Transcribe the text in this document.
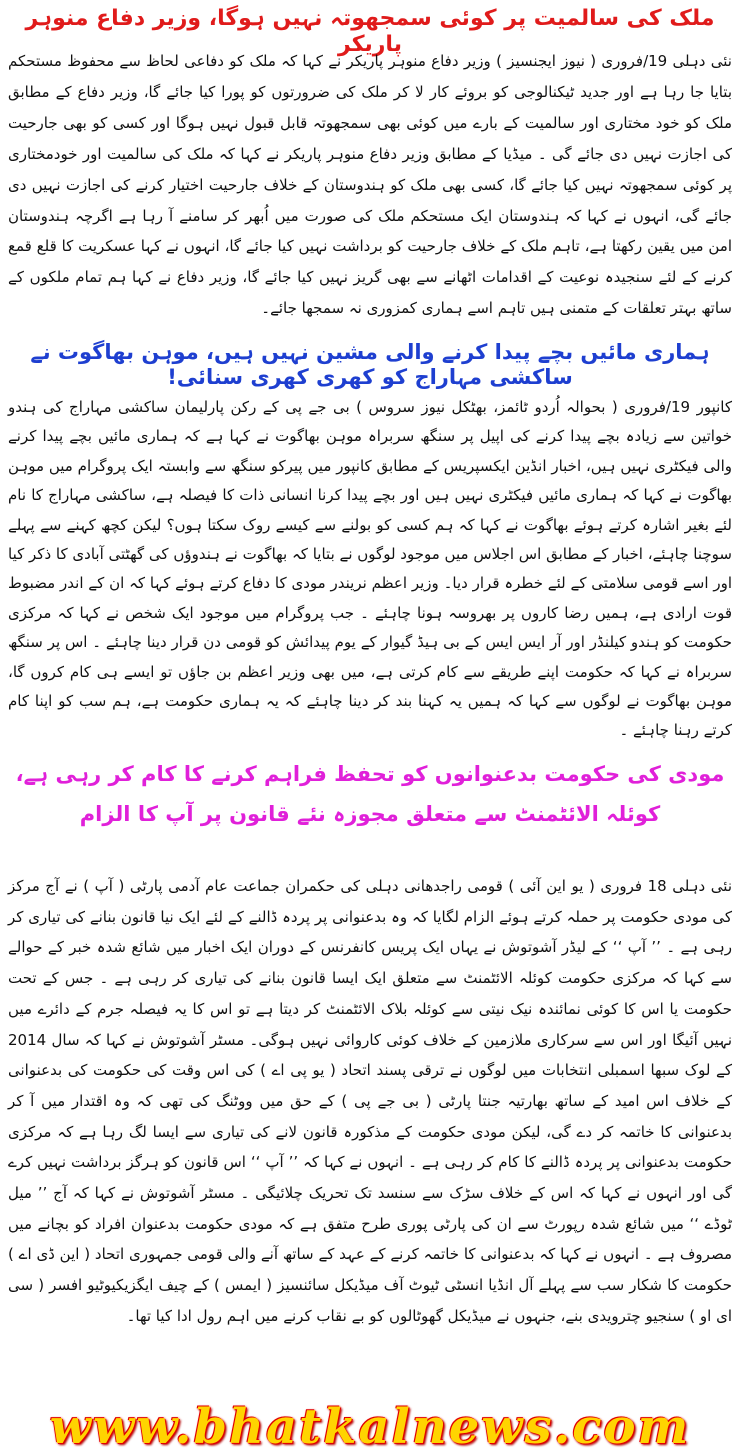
ملک کی سالمیت پر کوئی سمجھوتہ نہیں ہوگا، وزیر دفاع منوہر پاریکر

نئی دہلی 19/فروری ( نیوز ایجنسیز ) وزیر دفاع منوہر پاریکر نے کہا کہ ملک کو دفاعی لحاظ سے محفوظ مستحکم بتایا جا رہا ہے اور جدید ٹیکنالوجی کو بروئے کار لا کر ملک کی ضرورتوں کو پورا کیا جائے گا، وزیر دفاع کے مطابق ملک کو خود مختاری اور سالمیت کے بارے میں کوئی بھی سمجھوتہ قابل قبول نہیں ہوگا اور کسی کو بھی جارحیت کی اجازت نہیں دی جائے گی ۔ میڈیا کے مطابق وزیر دفاع منوہر پاریکر نے کہا کہ ملک کی سالمیت اور خودمختاری پر کوئی سمجھوتہ نہیں کیا جائے گا، کسی بھی ملک کو ہندوستان کے خلاف جارحیت اختیار کرنے کی اجازت نہیں دی جائے گی، انہوں نے کہا کہ ہندوستان ایک مستحکم ملک کی صورت میں اُبھر کر سامنے آ رہا ہے اگرچہ ہندوستان امن میں یقین رکھتا ہے، تاہم ملک کے خلاف جارحیت کو برداشت نہیں کیا جائے گا، انہوں نے کہا عسکریت کا قلع قمع کرنے کے لئے سنجیدہ نوعیت کے اقدامات اٹھانے سے بھی گریز نہیں کیا جائے گا، وزیر دفاع نے کہا ہم تمام ملکوں کے ساتھ بہتر تعلقات کے متمنی ہیں تاہم اسے ہماری کمزوری نہ سمجھا جائے۔

ہماری مائیں بچے پیدا کرنے والی مشین نہیں ہیں، موہن بھاگوت نے ساکشی مہاراج کو کھری کھری سنائی!

کانپور 19/فروری ( بحوالہ اُردو ٹائمز، بھٹکل نیوز سروس ) بی جے پی کے رکن پارلیمان ساکشی مہاراج کی ہندو خواتین سے زیادہ بچے پیدا کرنے کی اپیل پر سنگھ سربراہ موہن بھاگوت نے کہا ہے کہ ہماری مائیں بچے پیدا کرنے والی فیکٹری نہیں ہیں، اخبار انڈین ایکسپریس کے مطابق کانپور میں پیرکو سنگھ سے وابستہ ایک پروگرام میں موہن بھاگوت نے کہا کہ ہماری مائیں فیکٹری نہیں ہیں اور بچے پیدا کرنا انسانی ذات کا فیصلہ ہے، ساکشی مہاراج کا نام لئے بغیر اشارہ کرتے ہوئے بھاگوت نے کہا کہ ہم کسی کو بولنے سے کیسے روک سکتا ہوں؟ لیکن کچھ کہنے سے پہلے سوچنا چاہئے، اخبار کے مطابق اس اجلاس میں موجود لوگوں نے بتایا کہ بھاگوت نے ہندوؤں کی گھٹتی آبادی کا ذکر کیا اور اسے قومی سلامتی کے لئے خطرہ قرار دیا۔ وزیر اعظم نریندر مودی کا دفاع کرتے ہوئے کہا کہ ان کے اندر مضبوط قوت ارادی ہے، ہمیں رضا کاروں پر بھروسہ ہونا چاہئے ۔ جب پروگرام میں موجود ایک شخص نے کہا کہ مرکزی حکومت کو ہندو کیلنڈر اور آر ایس ایس کے بی ہیڈ گیوار کے یوم پیدائش کو قومی دن قرار دینا چاہئے ۔ اس پر سنگھ سربراہ نے کہا کہ حکومت اپنے طریقے سے کام کرتی ہے، میں بھی وزیر اعظم بن جاؤں تو ایسے ہی کام کروں گا، موہن بھاگوت نے لوگوں سے کہا کہ ہمیں یہ کہنا بند کر دینا چاہئے کہ یہ ہماری حکومت ہے، ہم سب کو اپنا کام کرتے رہنا چاہئے ۔

مودی کی حکومت بدعنوانوں کو تحفظ فراہم کرنے کا کام کر رہی ہے، کوئلہ الائٹمنٹ سے متعلق مجوزہ نئے قانون پر آپ کا الزام

نئی دہلی 18 فروری ( یو این آئی ) قومی راجدھانی دہلی کی حکمران جماعت عام آدمی پارٹی ( آپ ) نے آج مرکز کی مودی حکومت پر حملہ کرتے ہوئے الزام لگایا کہ وہ بدعنوانی پر پردہ ڈالنے کے لئے ایک نیا قانون بنانے کی تیاری کر رہی ہے ۔ ’’ آپ ‘‘ کے لیڈر آشوتوش نے یہاں ایک پریس کانفرنس کے دوران ایک اخبار میں شائع شدہ خبر کے حوالے سے کہا کہ مرکزی حکومت کوئلہ الائٹمنٹ سے متعلق ایک ایسا قانون بنانے کی تیاری کر رہی ہے ۔ جس کے تحت حکومت یا اس کا کوئی نمائندہ نیک نیتی سے کوئلہ بلاک الائٹمنٹ کر دیتا ہے تو اس کا یہ فیصلہ جرم کے دائرے میں نہیں آئیگا اور اس سے سرکاری ملازمین کے خلاف کوئی کاروائی نہیں ہوگی۔ مسٹر آشوتوش نے کہا کہ سال 2014 کے لوک سبھا اسمبلی انتخابات میں لوگوں نے ترقی پسند اتحاد ( یو پی اے ) کی اس وقت کی حکومت کی بدعنوانی کے خلاف اس امید کے ساتھ بھارتیہ جنتا پارٹی ( بی جے پی ) کے حق میں ووٹنگ کی تھی کہ وہ اقتدار میں آ کر بدعنوانی کا خاتمہ کر دے گی، لیکن مودی حکومت کے مذکورہ قانون لانے کی تیاری سے ایسا لگ رہا ہے کہ مرکزی حکومت بدعنوانی پر پردہ ڈالنے کا کام کر رہی ہے ۔ انہوں نے کہا کہ ’’ آپ ‘‘ اس قانون کو ہرگز برداشت نہیں کرے گی اور انہوں نے کہا کہ اس کے خلاف سڑک سے سنسد تک تحریک چلائیگی ۔ مسٹر آشوتوش نے کہا کہ آج ’’ میل ٹوڈے ‘‘ میں شائع شدہ رپورٹ سے ان کی پارٹی پوری طرح متفق ہے کہ مودی حکومت بدعنوان افراد کو بچانے میں مصروف ہے ۔ انہوں نے کہا کہ بدعنوانی کا خاتمہ کرنے کے عہد کے ساتھ آنے والی قومی جمہوری اتحاد ( این ڈی اے ) حکومت کا شکار سب سے پہلے آل انڈیا انسٹی ٹیوٹ آف میڈیکل سائنسیز ( ایمس ) کے چیف ایگزیکیوٹیو افسر ( سی ای او ) سنجیو چترویدی بنے، جنہوں نے میڈیکل گھوٹالوں کو بے نقاب کرنے میں اہم رول ادا کیا تھا۔

www.bhatkalnews.com
